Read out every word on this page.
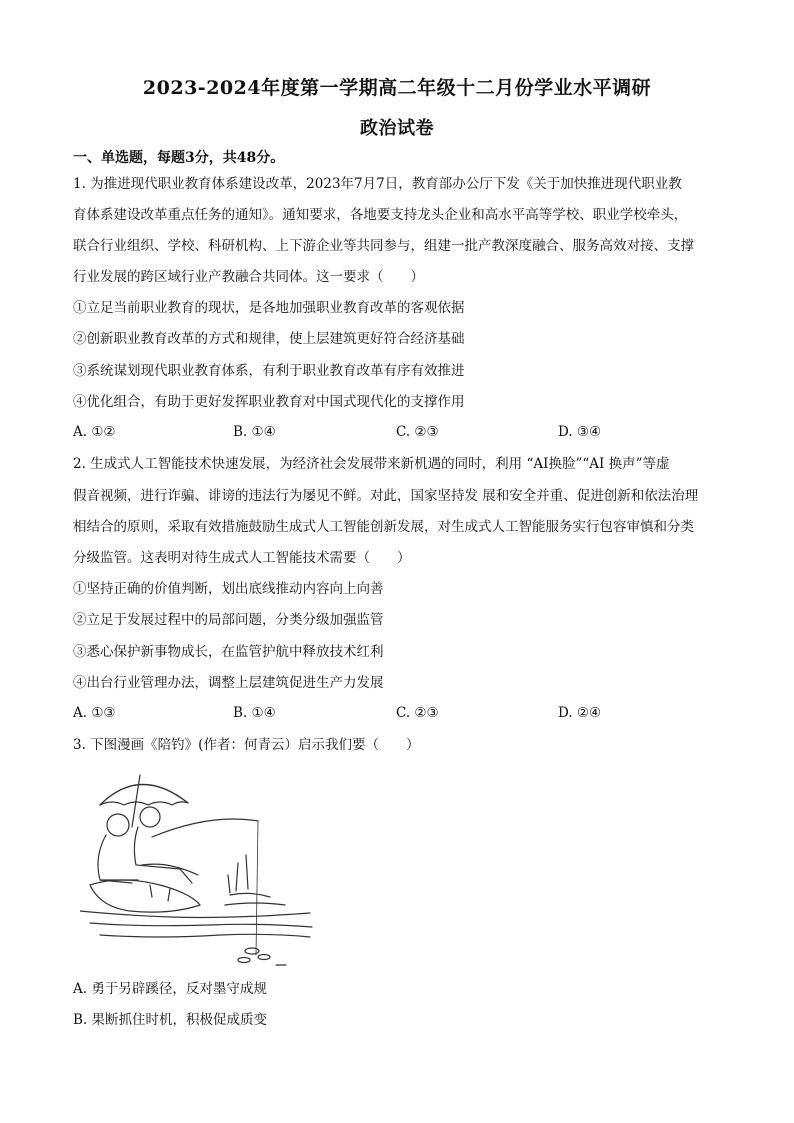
2023-2024年度第一学期高二年级十二月份学业水平调研
政治试卷
一、单选题，每题3分，共48分。
1. 为推进现代职业教育体系建设改革，2023年7月7日，教育部办公厅下发《关于加快推进现代职业教
育体系建设改革重点任务的通知》。通知要求，各地要支持龙头企业和高水平高等学校、职业学校牵头，
联合行业组织、学校、科研机构、上下游企业等共同参与，组建一批产教深度融合、服务高效对接、支撑
行业发展的跨区域行业产教融合共同体。这一要求（　　）
①立足当前职业教育的现状，是各地加强职业教育改革的客观依据
②创新职业教育改革的方式和规律，使上层建筑更好符合经济基础
③系统谋划现代职业教育体系，有利于职业教育改革有序有效推进
④优化组合，有助于更好发挥职业教育对中国式现代化的支撑作用
A. ①②	B. ①④	C. ②③	D. ③④
2. 生成式人工智能技术快速发展，为经济社会发展带来新机遇的同时，利用 “AI换脸”“AI 换声”等虚
假音视频，进行诈骗、诽谤的违法行为屡见不鲜。对此，国家坚持发 展和安全并重、促进创新和依法治理
相结合的原则，采取有效措施鼓励生成式人工智能创新发展，对生成式人工智能服务实行包容审慎和分类
分级监管。这表明对待生成式人工智能技术需要（　　）
①坚持正确的价值判断，划出底线推动内容向上向善
②立足于发展过程中的局部问题，分类分级加强监管
③悉心保护新事物成长，在监管护航中释放技术红利
④出台行业管理办法，调整上层建筑促进生产力发展
A. ①③	B. ①④	C. ②③	D. ②④
3. 下图漫画《陪钓》(作者：何青云）启示我们要（　　）
A. 勇于另辟蹊径，反对墨守成规
B. 果断抓住时机，积极促成质变
